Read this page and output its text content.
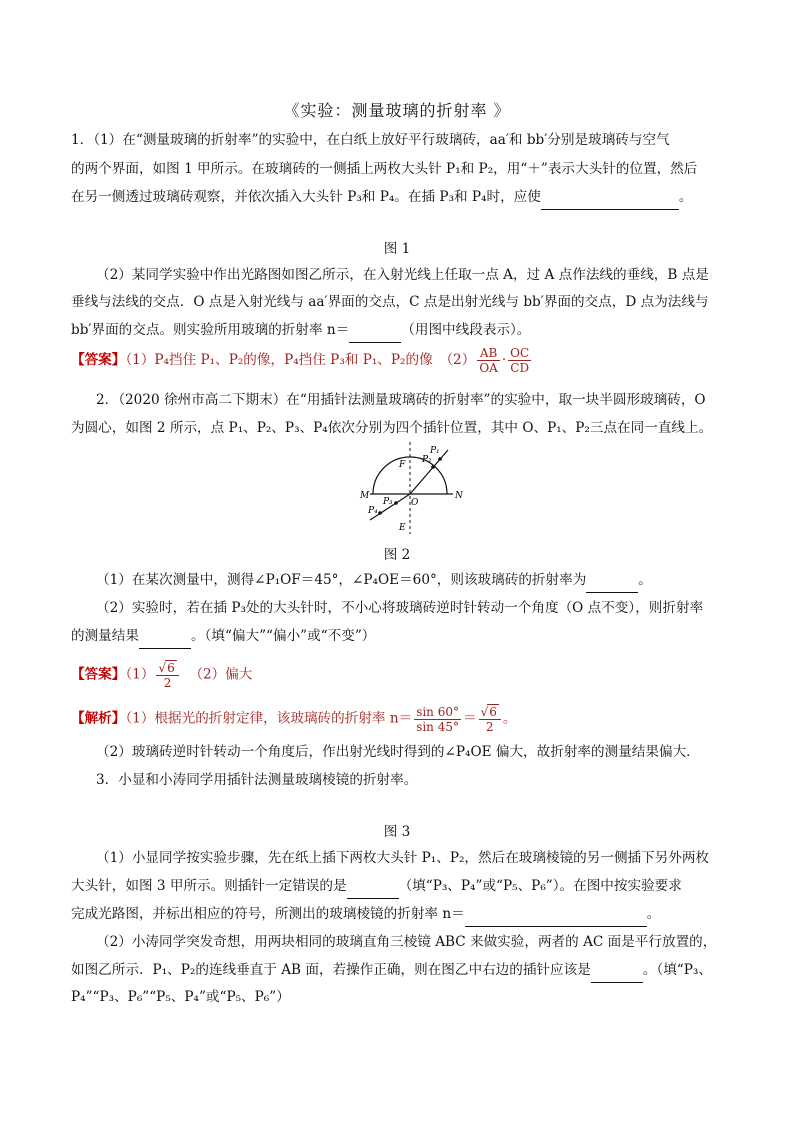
《实验：测量玻璃的折射率 》
1．（1）在“测量玻璃的折射率”的实验中，在白纸上放好平行玻璃砖，aa′和 bb′分别是玻璃砖与空气
的两个界面，如图 1 甲所示。在玻璃砖的一侧插上两枚大头针 P₁和 P₂，用“＋”表示大头针的位置，然后
在另一侧透过玻璃砖观察，并依次插入大头针 P₃和 P₄。在插 P₃和 P₄时，应使	。
图 1
（2）某同学实验中作出光路图如图乙所示，在入射光线上任取一点 A，过 A 点作法线的垂线，B 点是
垂线与法线的交点．O 点是入射光线与 aa′界面的交点，C 点是出射光线与 bb′界面的交点，D 点为法线与
bb′界面的交点。则实验所用玻璃的折射率 n＝	（用图中线段表示）。
【答案】（1）P₄挡住 P₁、P₂的像，P₄挡住 P₃和 P₁、P₂的像　$(2) \frac{AB}{OA} \cdot \frac{OC}{CD}$
2．（2020 徐州市高二下期末）在“用插针法测量玻璃砖的折射率”的实验中，取一块半圆形玻璃砖，O
为圆心，如图 2 所示，点 P₁、P₂、P₃、P₄依次分别为四个插针位置，其中 O、P₁、P₂三点在同一直线上。
P₁
P₂
P₃
P₄
F
O
M	N
E
图 2
（1）在某次测量中，测得∠P₁OF＝45°，∠P₄OE＝60°，则该玻璃砖的折射率为	。
（2）实验时，若在插 P₃处的大头针时，不小心将玻璃砖逆时针转动一个角度（O 点不变），则折射率
的测量结果	。（填“偏大”“偏小”或“不变”）
【答案】$(1) \frac{√6}{2} (2)$偏大
【解析】（1）根据光的折射定律，该玻璃砖的折射率 $n= \frac{\sin 60^\circ}{\sin 45^\circ} = \frac{√6}{2}$ 。
（2）玻璃砖逆时针转动一个角度后，作出射光线时得到的∠P₄OE 偏大，故折射率的测量结果偏大．
3．小显和小涛同学用插针法测量玻璃棱镜的折射率。
图 3
（1）小显同学按实验步骤，先在纸上插下两枚大头针 P₁、P₂，然后在玻璃棱镜的另一侧插下另外两枚
大头针，如图 3 甲所示。则插针一定错误的是	（填“P₃、P₄”或“P₅、P₆”）。在图中按实验要求
完成光路图，并标出相应的符号，所测出的玻璃棱镜的折射率 n＝	。
（2）小涛同学突发奇想，用两块相同的玻璃直角三棱镜 ABC 来做实验，两者的 AC 面是平行放置的，
如图乙所示．P₁、P₂的连线垂直于 AB 面，若操作正确，则在图乙中右边的插针应该是	。（填“P₃、
P₄”“P₃、P₆”“P₅、P₄”或“P₅、P₆”）
